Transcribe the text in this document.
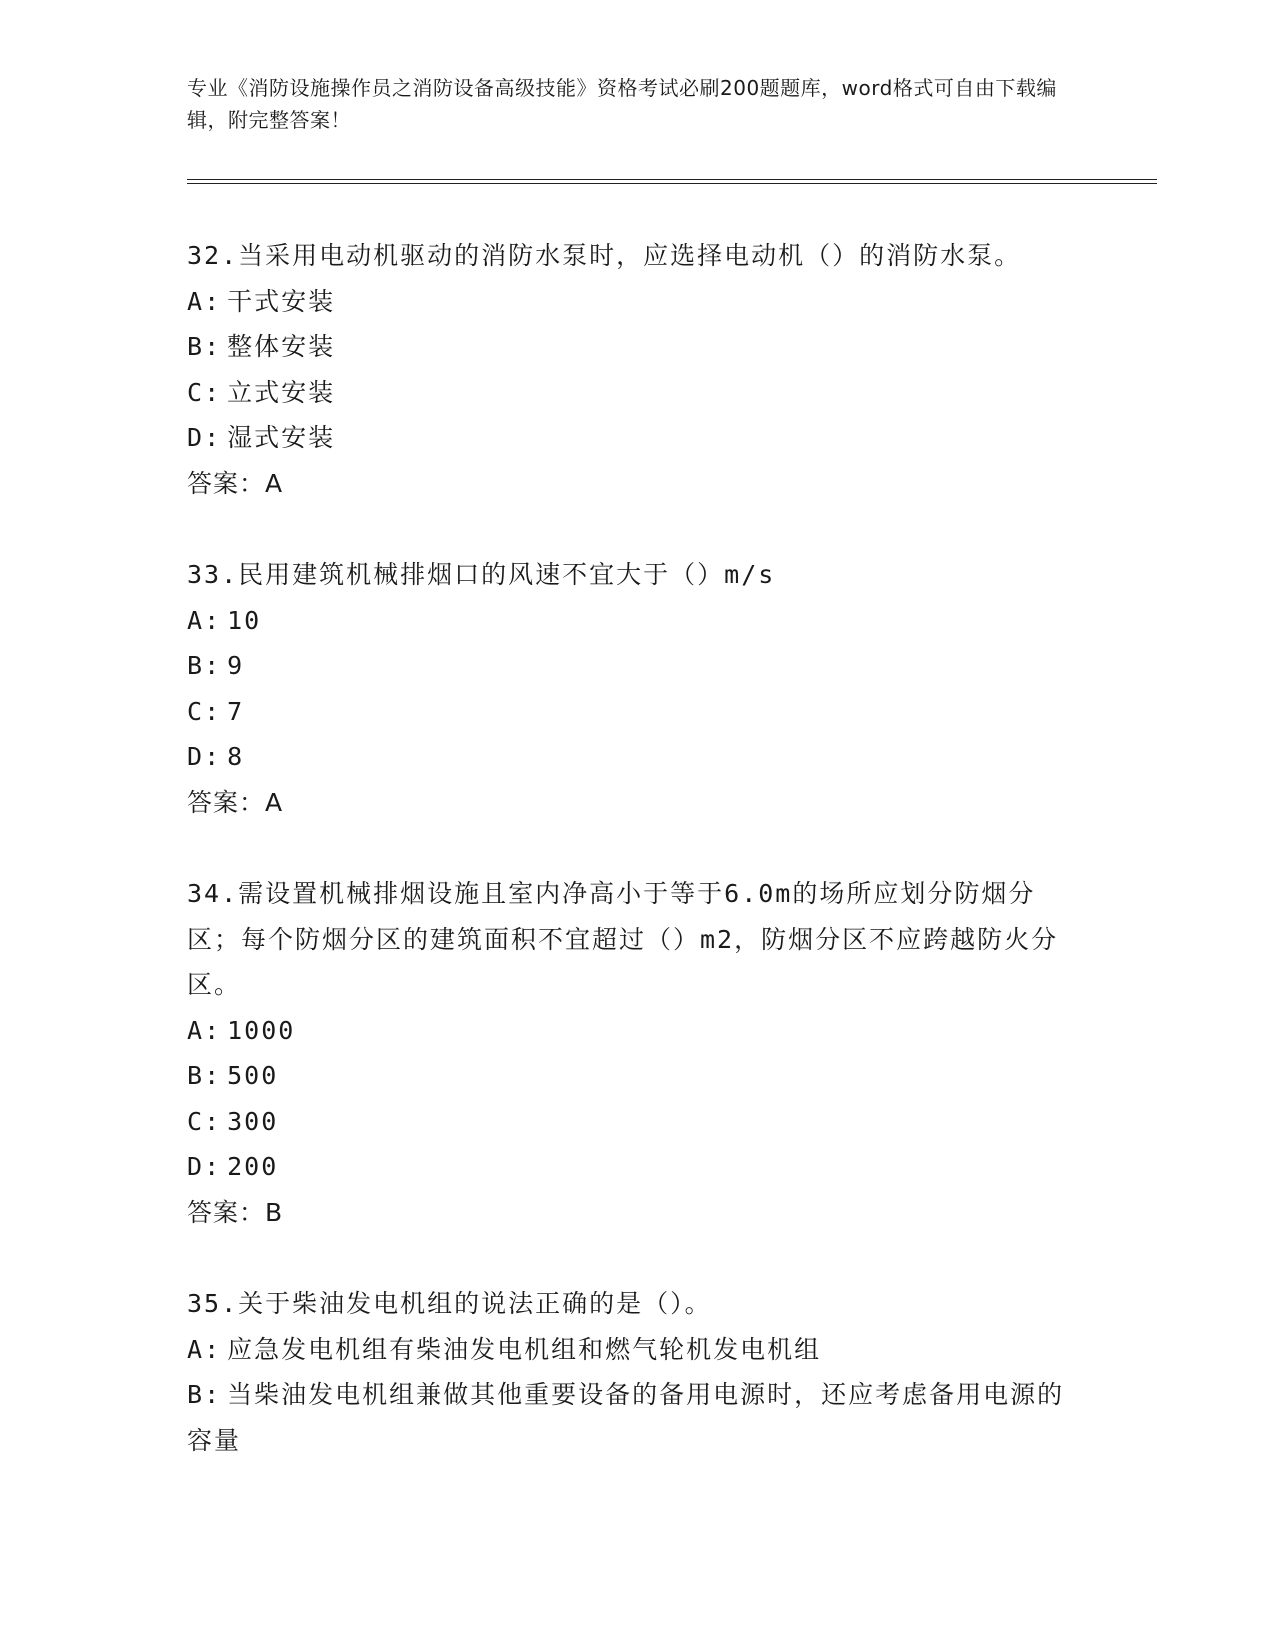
专业《消防设施操作员之消防设备高级技能》资格考试必刷200题题库，word格式可自由下载编辑，附完整答案！
32.当采用电动机驱动的消防水泵时，应选择电动机（）的消防水泵。
A: 干式安装
B: 整体安装
C: 立式安装
D: 湿式安装
答案：A
33.民用建筑机械排烟口的风速不宜大于（）m/s
A: 10
B: 9
C: 7
D: 8
答案：A
34.需设置机械排烟设施且室内净高小于等于6.0m的场所应划分防烟分区；每个防烟分区的建筑面积不宜超过（）m2，防烟分区不应跨越防火分区。
A: 1000
B: 500
C: 300
D: 200
答案：B
35.关于柴油发电机组的说法正确的是（）。
A: 应急发电机组有柴油发电机组和燃气轮机发电机组
B: 当柴油发电机组兼做其他重要设备的备用电源时，还应考虑备用电源的容量
